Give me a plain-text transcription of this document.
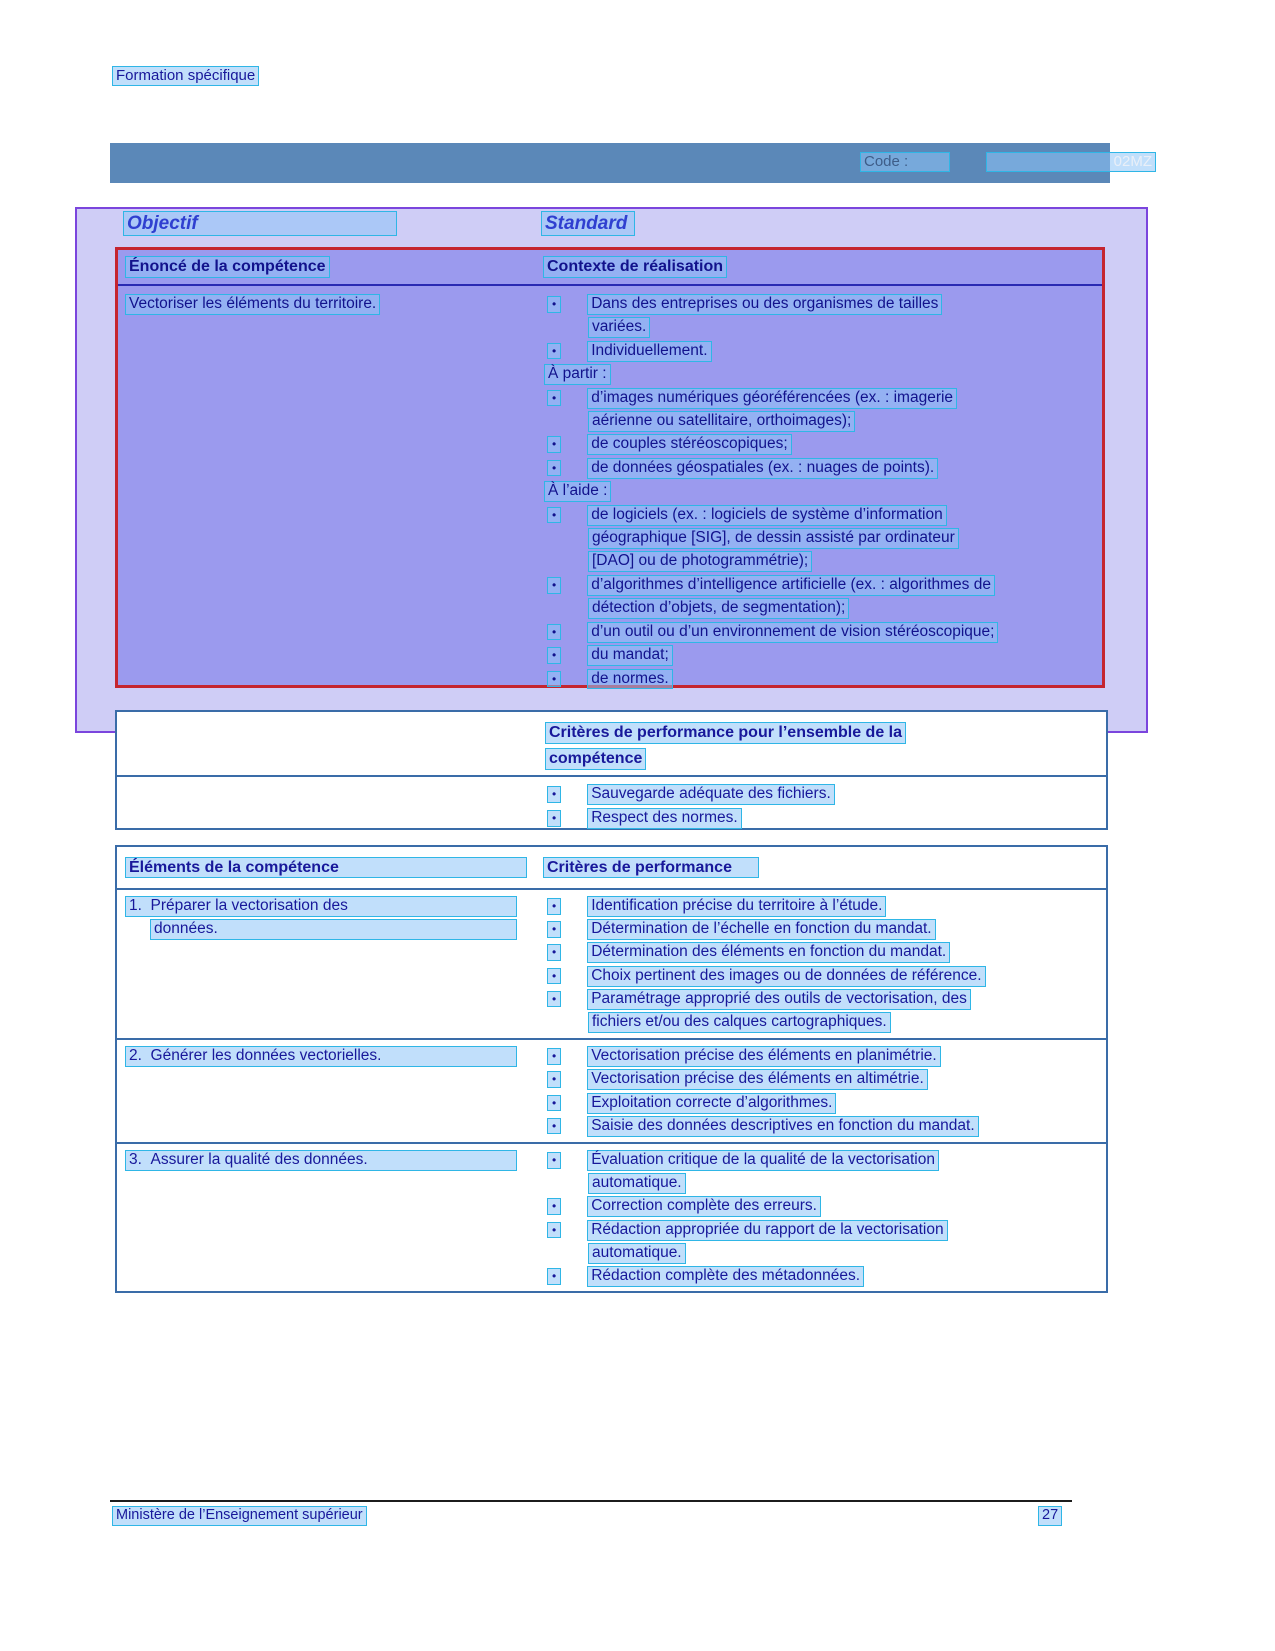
Formation spécifique
Code :	02MZ
Objectif	Standard
Énoncé de la compétence	Contexte de réalisation
Vectoriser les éléments du territoire.	• Dans des entreprises ou des organismes de tailles
variées.
• Individuellement.
À partir :
• d’images numériques géoréférencées (ex. : imagerie
aérienne ou satellitaire, orthoimages);
• de couples stéréoscopiques;
• de données géospatiales (ex. : nuages de points).
À l’aide :
• de logiciels (ex. : logiciels de système d’information
géographique [SIG], de dessin assisté par ordinateur
[DAO] ou de photogrammétrie);
• d’algorithmes d’intelligence artificielle (ex. : algorithmes de
détection d’objets, de segmentation);
• d’un outil ou d’un environnement de vision stéréoscopique;
• du mandat;
• de normes.
Critères de performance pour l’ensemble de la
compétence
• Sauvegarde adéquate des fichiers.
• Respect des normes.
Éléments de la compétence	Critères de performance
1.  Préparer la vectorisation des
données.
• Identification précise du territoire à l’étude.
• Détermination de l’échelle en fonction du mandat.
• Détermination des éléments en fonction du mandat.
• Choix pertinent des images ou de données de référence.
• Paramétrage approprié des outils de vectorisation, des
fichiers et/ou des calques cartographiques.
2.  Générer les données vectorielles.	• Vectorisation précise des éléments en planimétrie.
• Vectorisation précise des éléments en altimétrie.
• Exploitation correcte d’algorithmes.
• Saisie des données descriptives en fonction du mandat.
3.  Assurer la qualité des données.	• Évaluation critique de la qualité de la vectorisation
automatique.
• Correction complète des erreurs.
• Rédaction appropriée du rapport de la vectorisation
automatique.
• Rédaction complète des métadonnées.
Ministère de l’Enseignement supérieur	27
